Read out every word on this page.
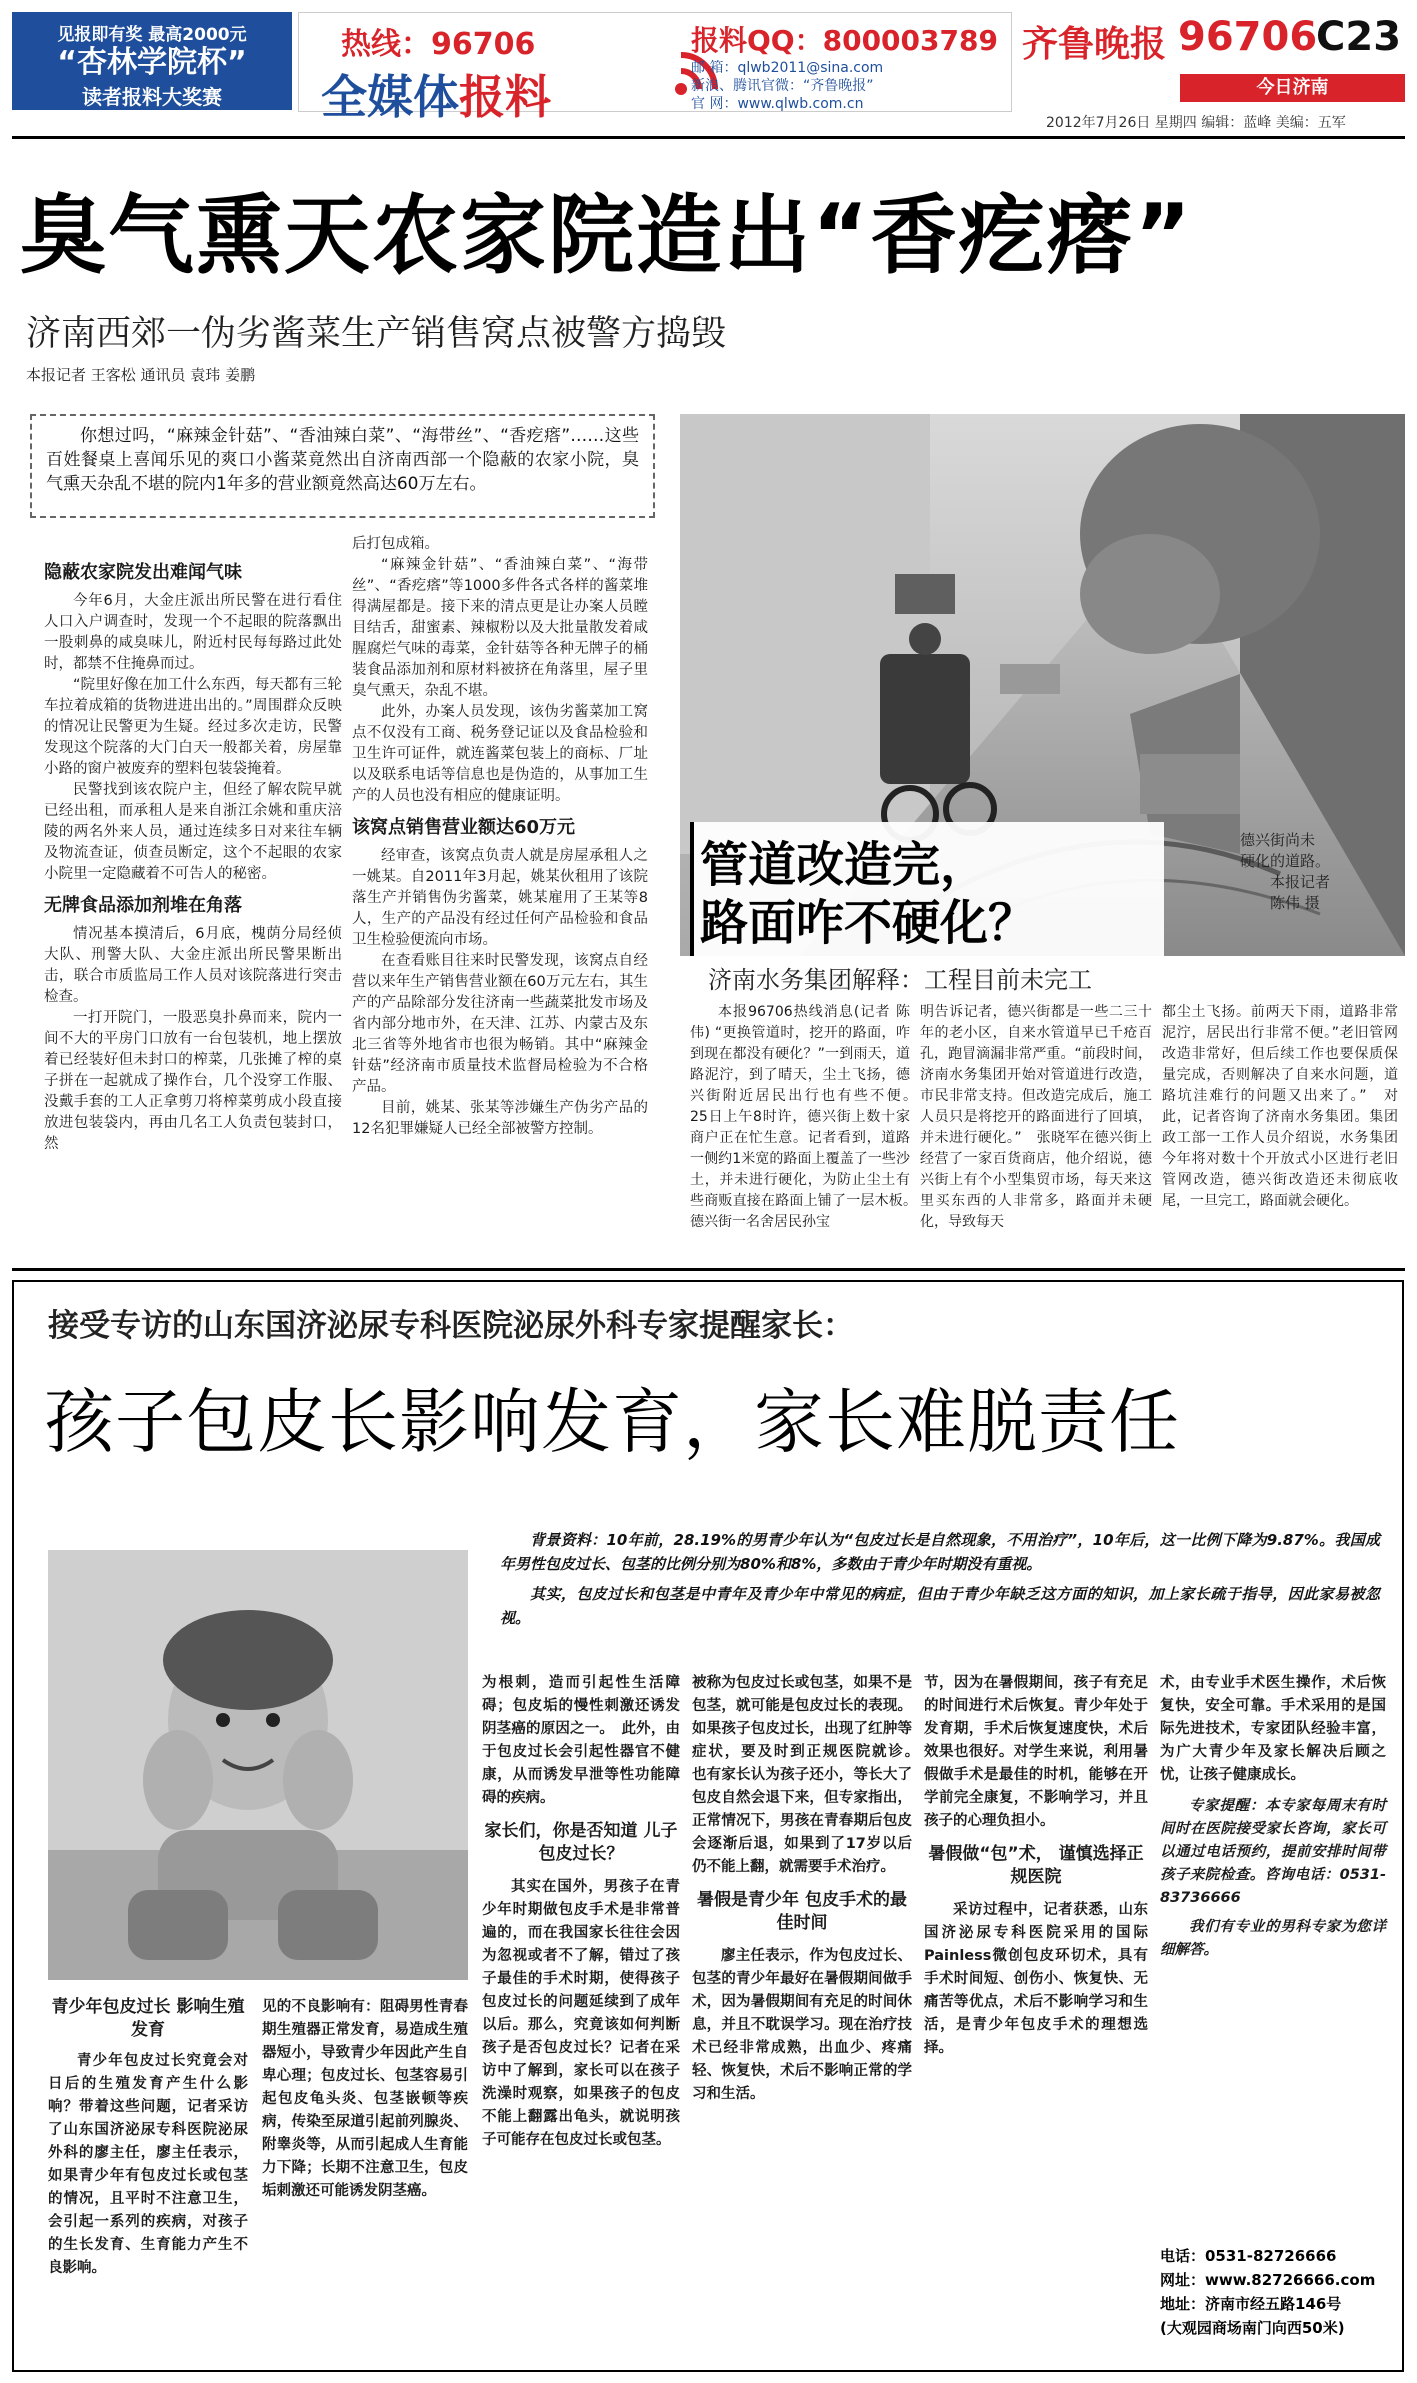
见报即有奖 最高2000元
“杏林学院杯”
读者报料大奖赛
热线：96706
全媒体报料
报料QQ：800003789
邮 箱：qlwb2011@sina.com
新浪、腾讯官微：“齐鲁晚报”
官 网：www.qlwb.com.cn
齐鲁晚报 96706
C23
今日济南
2012年7月26日 星期四 编辑：蓝峰 美编：五军
臭气熏天农家院造出“香疙瘩”
济南西郊一伪劣酱菜生产销售窝点被警方捣毁
本报记者 王客松 通讯员 袁玮 姜鹏
你想过吗，“麻辣金针菇”、“香油辣白菜”、“海带丝”、“香疙瘩”……这些百姓餐桌上喜闻乐见的爽口小酱菜竟然出自济南西部一个隐蔽的农家小院，臭气熏天杂乱不堪的院内1年多的营业额竟然高达60万左右。

隐蔽农家院发出难闻气味

今年6月，大金庄派出所民警在进行看住人口入户调查时，发现一个不起眼的院落飘出一股刺鼻的咸臭味儿，附近村民每每路过此处时，都禁不住掩鼻而过。

“院里好像在加工什么东西，每天都有三轮车拉着成箱的货物进进出出的。”周围群众反映的情况让民警更为生疑。经过多次走访，民警发现这个院落的大门白天一般都关着，房屋靠小路的窗户被废弃的塑料包装袋掩着。

民警找到该农院户主，但经了解农院早就已经出租，而承租人是来自浙江余姚和重庆涪陵的两名外来人员，通过连续多日对来往车辆及物流查证，侦查员断定，这个不起眼的农家小院里一定隐藏着不可告人的秘密。

无牌食品添加剂堆在角落

情况基本摸清后，6月底，槐荫分局经侦大队、刑警大队、大金庄派出所民警果断出击，联合市质监局工作人员对该院落进行突击检查。

一打开院门，一股恶臭扑鼻而来，院内一间不大的平房门口放有一台包装机，地上摆放着已经装好但未封口的榨菜，几张摊了榨的桌子拼在一起就成了操作台，几个没穿工作服、没戴手套的工人正拿剪刀将榨菜剪成小段直接放进包装袋内，再由几名工人负责包装封口，然

后打包成箱。

“麻辣金针菇”、“香油辣白菜”、“海带丝”、“香疙瘩”等1000多件各式各样的酱菜堆得满屋都是。接下来的清点更是让办案人员瞠目结舌，甜蜜素、辣椒粉以及大批量散发着咸腥腐烂气味的毒菜，金针菇等各种无牌子的桶装食品添加剂和原材料被挤在角落里，屋子里臭气熏天，杂乱不堪。

此外，办案人员发现，该伪劣酱菜加工窝点不仅没有工商、税务登记证以及食品检验和卫生许可证件，就连酱菜包装上的商标、厂址以及联系电话等信息也是伪造的，从事加工生产的人员也没有相应的健康证明。

该窝点销售营业额达60万元

经审查，该窝点负责人就是房屋承租人之一姚某。自2011年3月起，姚某伙租用了该院落生产并销售伪劣酱菜，姚某雇用了王某等8人，生产的产品没有经过任何产品检验和食品卫生检验便流向市场。

在查看账目往来时民警发现，该窝点自经营以来年生产销售营业额在60万元左右，其生产的产品除部分发往济南一些蔬菜批发市场及省内部分地市外，在天津、江苏、内蒙古及东北三省等外地省市也很为畅销。其中“麻辣金针菇”经济南市质量技术监督局检验为不合格产品。

目前，姚某、张某等涉嫌生产伪劣产品的12名犯罪嫌疑人已经全部被警方控制。

管道改造完，
路面咋不硬化？
济南水务集团解释：工程目前未完工
德兴街尚未
硬化的道路。
本报记者
陈伟 摄
本报96706热线消息(记者 陈伟) “更换管道时，挖开的路面，咋到现在都没有硬化？”一到雨天，道路泥泞，到了晴天，尘土飞扬，德兴街附近居民出行也有些不便。　25日上午8时许，德兴街上数十家商户正在忙生意。记者看到，道路一侧约1米宽的路面上覆盖了一些沙土，并未进行硬化，为防止尘土有些商贩直接在路面上铺了一层木板。　德兴街一名舍居民孙宝
明告诉记者，德兴街都是一些二三十年的老小区，自来水管道早已千疮百孔，跑冒滴漏非常严重。“前段时间，济南水务集团开始对管道进行改造，市民非常支持。但改造完成后，施工人员只是将挖开的路面进行了回填，并未进行硬化。”　张晓军在德兴街上经营了一家百货商店，他介绍说，德兴街上有个小型集贸市场，每天来这里买东西的人非常多，路面并未硬化，导致每天
都尘土飞扬。前两天下雨，道路非常泥泞，居民出行非常不便。”老旧管网改造非常好，但后续工作也要保质保量完成，否则解决了自来水问题，道路坑洼难行的问题又出来了。”　对此，记者咨询了济南水务集团。集团政工部一工作人员介绍说，水务集团今年将对数十个开放式小区进行老旧管网改造，德兴街改造还未彻底收尾，一旦完工，路面就会硬化。
接受专访的山东国济泌尿专科医院泌尿外科专家提醒家长：
孩子包皮长影响发育，家长难脱责任
背景资料：10年前，28.19%的男青少年认为“包皮过长是自然现象，不用治疗”，10年后，这一比例下降为9.87%。我国成年男性包皮过长、包茎的比例分别为80%和8%，多数由于青少年时期没有重视。
其实，包皮过长和包茎是中青年及青少年中常见的病症，但由于青少年缺乏这方面的知识，加上家长疏于指导，因此家易被忽视。
青少年包皮过长 影响生殖发育
青少年包皮过长究竟会对日后的生殖发育产生什么影响？带着这些问题，记者采访了山东国济泌尿专科医院泌尿外科的廖主任，廖主任表示，如果青少年有包皮过长或包茎的情况，且平时不注意卫生，会引起一系列的疾病，对孩子的生长发育、生育能力产生不良影响。
见的不良影响有：阻碍男性青春期生殖器正常发育，易造成生殖器短小，导致青少年因此产生自卑心理；包皮过长、包茎容易引起包皮龟头炎、包茎嵌顿等疾病，传染至尿道引起前列腺炎、附睾炎等，从而引起成人生育能力下降；长期不注意卫生，包皮垢刺激还可能诱发阴茎癌。
为根刺，造而引起性生活障碍；包皮垢的慢性刺激还诱发阴茎癌的原因之一。　此外，由于包皮过长会引起性器官不健康，从而诱发早泄等性功能障碍的疾病。
家长们，你是否知道 儿子包皮过长？
其实在国外，男孩子在青少年时期做包皮手术是非常普遍的，而在我国家长往往会因为忽视或者不了解，错过了孩子最佳的手术时期，使得孩子包皮过长的问题延续到了成年以后。那么，究竟该如何判断孩子是否包皮过长？记者在采访中了解到，家长可以在孩子洗澡时观察，如果孩子的包皮不能上翻露出龟头，就说明孩子可能存在包皮过长或包茎。
被称为包皮过长或包茎，如果不是包茎，就可能是包皮过长的表现。如果孩子包皮过长，出现了红肿等症状，要及时到正规医院就诊。　也有家长认为孩子还小，等长大了包皮自然会退下来，但专家指出，正常情况下，男孩在青春期后包皮会逐渐后退，如果到了17岁以后仍不能上翻，就需要手术治疗。
暑假是青少年 包皮手术的最佳时间
廖主任表示，作为包皮过长、包茎的青少年最好在暑假期间做手术，因为暑假期间有充足的时间休息，并且不耽误学习。现在治疗技术已经非常成熟，出血少、疼痛轻、恢复快，术后不影响正常的学习和生活。
节，因为在暑假期间，孩子有充足的时间进行术后恢复。青少年处于发育期，手术后恢复速度快，术后效果也很好。对学生来说，利用暑假做手术是最佳的时机，能够在开学前完全康复，不影响学习，并且孩子的心理负担小。
暑假做“包”术， 谨慎选择正规医院
采访过程中，记者获悉，山东国济泌尿专科医院采用的国际Painless微创包皮环切术，具有手术时间短、创伤小、恢复快、无痛苦等优点，术后不影响学习和生活，是青少年包皮手术的理想选择。
术，由专业手术医生操作，术后恢复快，安全可靠。手术采用的是国际先进技术，专家团队经验丰富，为广大青少年及家长解决后顾之忧，让孩子健康成长。
专家提醒：本专家每周末有时间时在医院接受家长咨询，家长可以通过电话预约，提前安排时间带孩子来院检查。咨询电话：0531-83736666
我们有专业的男科专家为您详细解答。
电话：0531-82726666
网址：www.82726666.com
地址：济南市经五路146号
(大观园商场南门向西50米)
